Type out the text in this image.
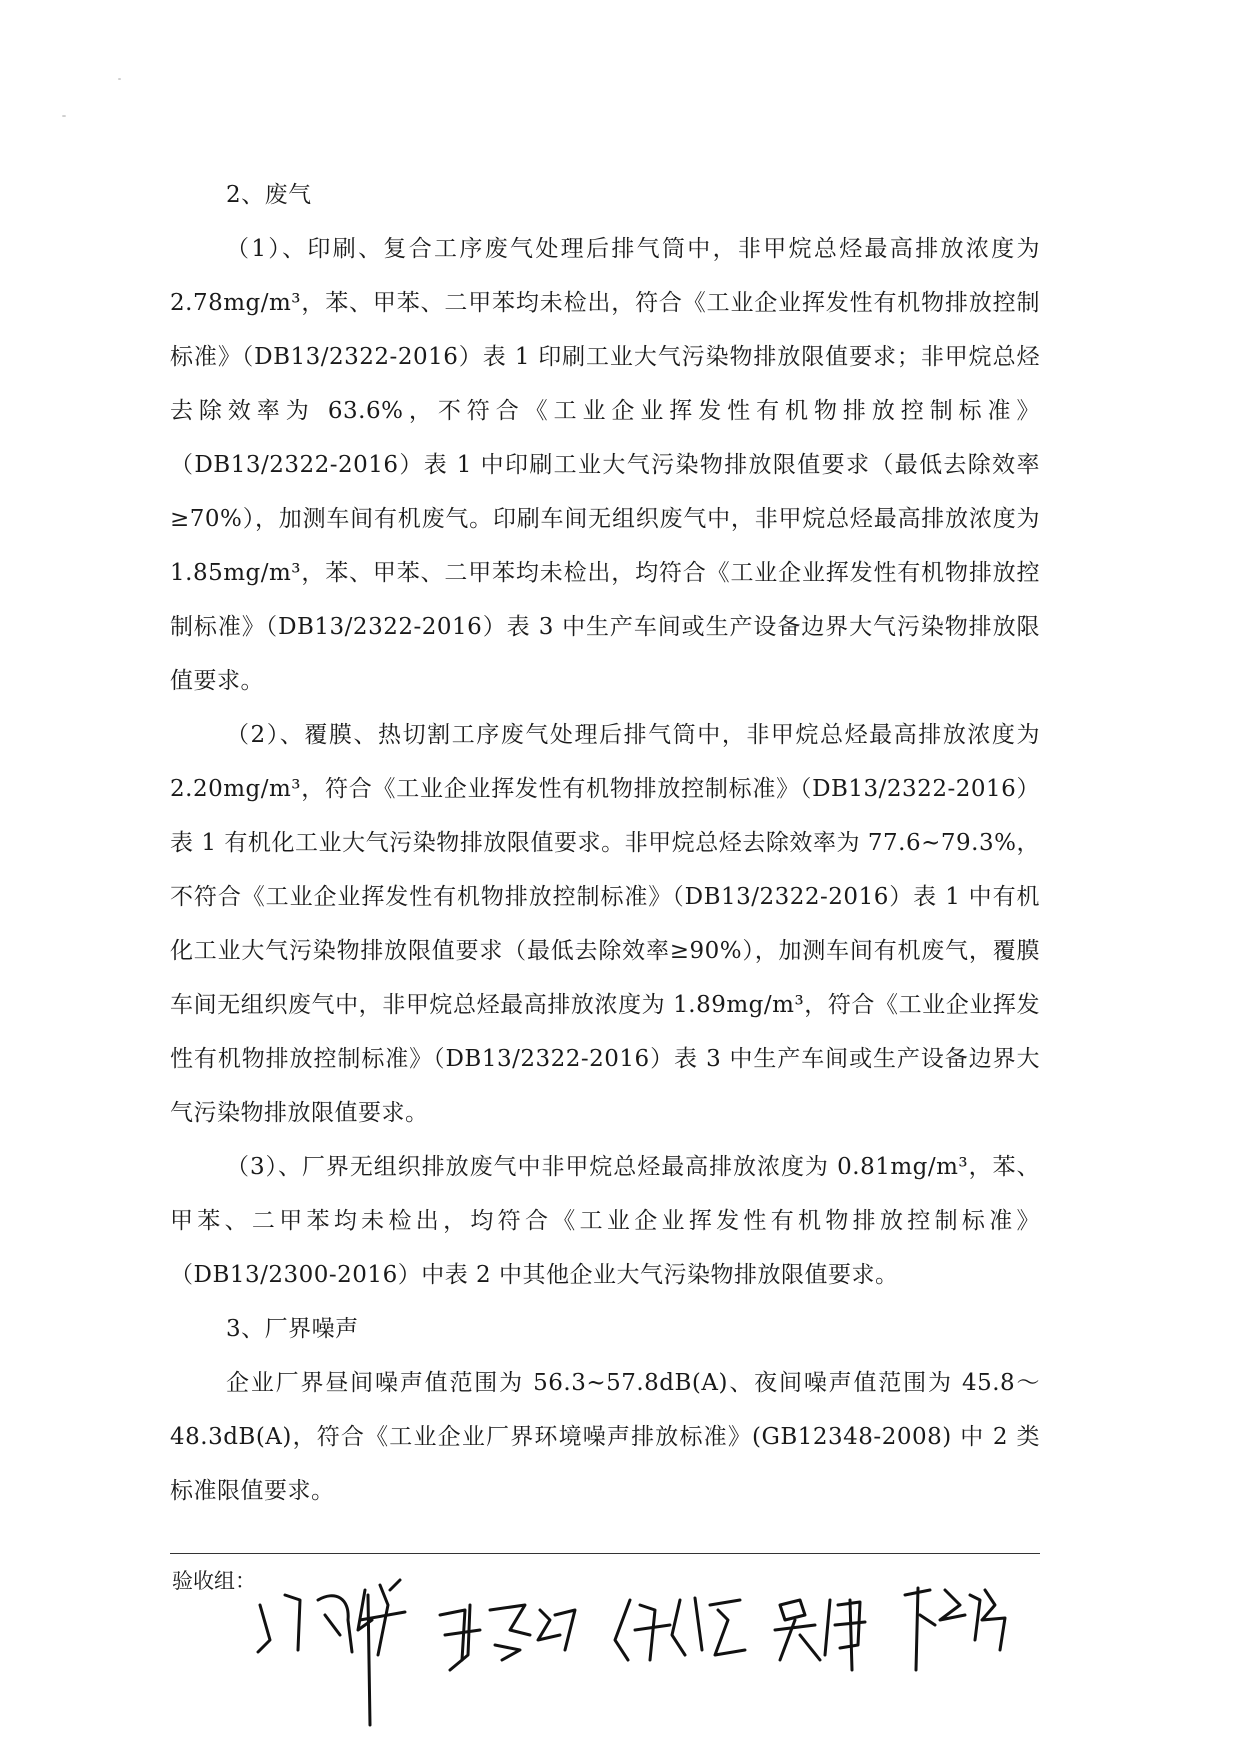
2、废气

（1）、印刷、复合工序废气处理后排气筒中，非甲烷总烃最高排放浓度为2.78mg/m³，苯、甲苯、二甲苯均未检出，符合《工业企业挥发性有机物排放控制标准》（DB13/2322-2016）表 1 印刷工业大气污染物排放限值要求；非甲烷总烃去除效率为 63.6%，不符合《工业企业挥发性有机物排放控制标准》（DB13/2322-2016）表 1 中印刷工业大气污染物排放限值要求（最低去除效率≥70%），加测车间有机废气。印刷车间无组织废气中，非甲烷总烃最高排放浓度为 1.85mg/m³，苯、甲苯、二甲苯均未检出，均符合《工业企业挥发性有机物排放控制标准》（DB13/2322-2016）表 3 中生产车间或生产设备边界大气污染物排放限值要求。

（2）、覆膜、热切割工序废气处理后排气筒中，非甲烷总烃最高排放浓度为2.20mg/m³，符合《工业企业挥发性有机物排放控制标准》（DB13/2322-2016）表 1 有机化工业大气污染物排放限值要求。非甲烷总烃去除效率为 77.6~79.3%，不符合《工业企业挥发性有机物排放控制标准》（DB13/2322-2016）表 1 中有机化工业大气污染物排放限值要求（最低去除效率≥90%），加测车间有机废气，覆膜车间无组织废气中，非甲烷总烃最高排放浓度为 1.89mg/m³，符合《工业企业挥发性有机物排放控制标准》（DB13/2322-2016）表 3 中生产车间或生产设备边界大气污染物排放限值要求。

（3）、厂界无组织排放废气中非甲烷总烃最高排放浓度为 0.81mg/m³，苯、甲苯、二甲苯均未检出，均符合《工业企业挥发性有机物排放控制标准》（DB13/2300-2016）中表 2 中其他企业大气污染物排放限值要求。

3、厂界噪声

企业厂界昼间噪声值范围为 56.3~57.8dB(A)、夜间噪声值范围为 45.8～48.3dB(A)，符合《工业企业厂界环境噪声排放标准》(GB12348-2008) 中 2 类标准限值要求。

验收组：
